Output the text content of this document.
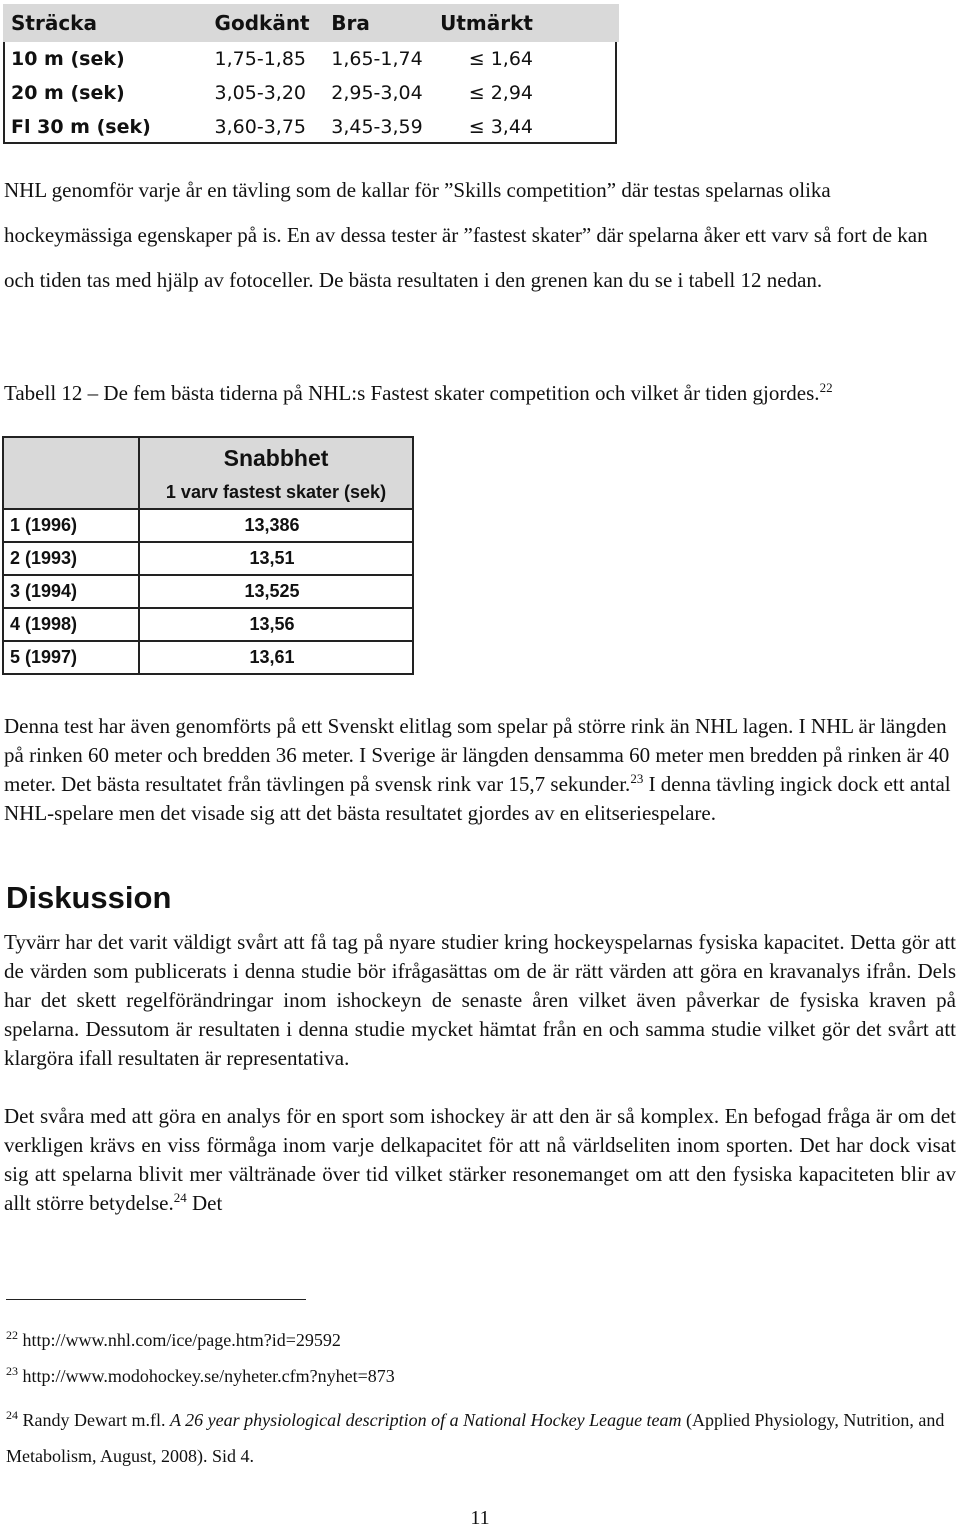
Sträcka	Godkänt	Bra	Utmärkt
10 m (sek)	1,75-1,85	1,65-1,74	≤ 1,64
20 m (sek)	3,05-3,20	2,95-3,04	≤ 2,94
Fl 30 m (sek)	3,60-3,75	3,45-3,59	≤ 3,44

NHL genomför varje år en tävling som de kallar för ”Skills competition” där testas spelarnas olika hockeymässiga egenskaper på is. En av dessa tester är ”fastest skater” där spelarna åker ett varv så fort de kan och tiden tas med hjälp av fotoceller. De bästa resultaten i den grenen kan du se i tabell 12 nedan.

Tabell 12 – De fem bästa tiderna på NHL:s Fastest skater competition och vilket år tiden gjordes.$^{22}$

	Snabbhet
1 varv fastest skater (sek)

1 (1996)	13,386
2 (1993)	13,51
3 (1994)	13,525
4 (1998)	13,56
5 (1997)	13,61

Denna test har även genomförts på ett Svenskt elitlag som spelar på större rink än NHL lagen. I NHL är längden på rinken 60 meter och bredden 36 meter. I Sverige är längden densamma 60 meter men bredden på rinken är 40 meter. Det bästa resultatet från tävlingen på svensk rink var 15,7 sekunder.$^{23}$ I denna tävling ingick dock ett antal NHL-spelare men det visade sig att det bästa resultatet gjordes av en elitseriespelare.

Diskussion

Tyvärr har det varit väldigt svårt att få tag på nyare studier kring hockeyspelarnas fysiska kapacitet. Detta gör att de värden som publicerats i denna studie bör ifrågasättas om de är rätt värden att göra en kravanalys ifrån. Dels har det skett regelförändringar inom ishockeyn de senaste åren vilket även påverkar de fysiska kraven på spelarna. Dessutom är resultaten i denna studie mycket hämtat från en och samma studie vilket gör det svårt att klargöra ifall resultaten är representativa.

Det svåra med att göra en analys för en sport som ishockey är att den är så komplex. En befogad fråga är om det verkligen krävs en viss förmåga inom varje delkapacitet för att nå världseliten inom sporten. Det har dock visat sig att spelarna blivit mer vältränade över tid vilket stärker resonemanget om att den fysiska kapaciteten blir av allt större betydelse.$^{24}$ Det

$^{22}$ http://www.nhl.com/ice/page.htm?id=29592

$^{23}$ http://www.modohockey.se/nyheter.cfm?nyhet=873

$^{24}$ Randy Dewart m.fl. A 26 year physiological description of a National Hockey League team (Applied Physiology, Nutrition, and Metabolism, August, 2008). Sid 4.

11
